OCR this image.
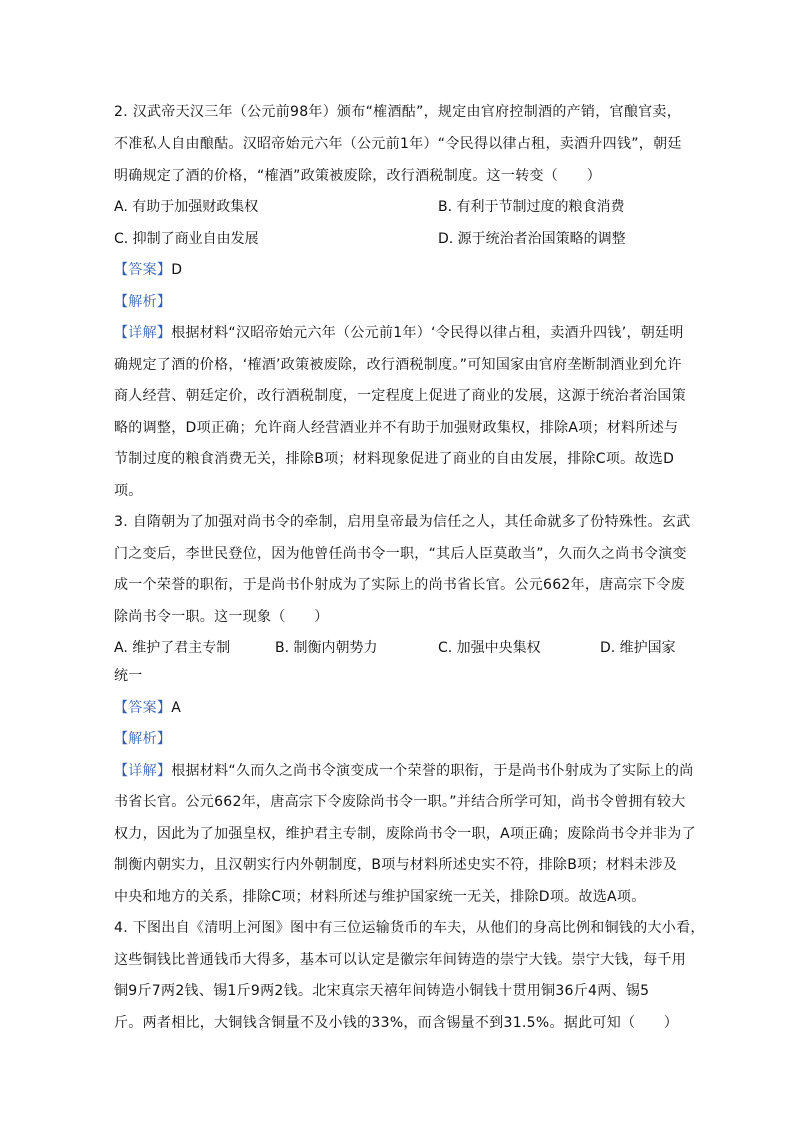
2. 汉武帝天汉三年（公元前98年）颁布“榷酒酤”，规定由官府控制酒的产销，官酿官卖，
不准私人自由酿酤。汉昭帝始元六年（公元前1年）“令民得以律占租，卖酒升四钱”，朝廷
明确规定了酒的价格，“榷酒”政策被废除，改行酒税制度。这一转变（　　）
A. 有助于加强财政集权	B. 有利于节制过度的粮食消费
C. 抑制了商业自由发展	D. 源于统治者治国策略的调整
【答案】D
【解析】
【详解】根据材料“汉昭帝始元六年（公元前1年）‘令民得以律占租，卖酒升四钱’，朝廷明
确规定了酒的价格，‘榷酒’政策被废除，改行酒税制度。”可知国家由官府垄断制酒业到允许
商人经营、朝廷定价，改行酒税制度，一定程度上促进了商业的发展，这源于统治者治国策
略的调整，D项正确；允许商人经营酒业并不有助于加强财政集权，排除A项；材料所述与
节制过度的粮食消费无关，排除B项；材料现象促进了商业的自由发展，排除C项。故选D
项。
3. 自隋朝为了加强对尚书令的牵制，启用皇帝最为信任之人，其任命就多了份特殊性。玄武
门之变后，李世民登位，因为他曾任尚书令一职，“其后人臣莫敢当”，久而久之尚书令演变
成一个荣誉的职衔，于是尚书仆射成为了实际上的尚书省长官。公元662年，唐高宗下令废
除尚书令一职。这一现象（　　）
A. 维护了君主专制	B. 制衡内朝势力	C. 加强中央集权	D. 维护国家
统一
【答案】A
【解析】
【详解】根据材料“久而久之尚书令演变成一个荣誉的职衔，于是尚书仆射成为了实际上的尚
书省长官。公元662年，唐高宗下令废除尚书令一职。”并结合所学可知，尚书令曾拥有较大
权力，因此为了加强皇权，维护君主专制，废除尚书令一职，A项正确；废除尚书令并非为了
制衡内朝实力，且汉朝实行内外朝制度，B项与材料所述史实不符，排除B项；材料未涉及
中央和地方的关系，排除C项；材料所述与维护国家统一无关，排除D项。故选A项。
4. 下图出自《清明上河图》图中有三位运输货币的车夫，从他们的身高比例和铜钱的大小看，
这些铜钱比普通钱币大得多，基本可以认定是徽宗年间铸造的崇宁大钱。崇宁大钱，每千用
铜9斤7两2钱、锡1斤9两2钱。北宋真宗天禧年间铸造小铜钱十贯用铜36斤4两、锡5
斤。两者相比，大铜钱含铜量不及小钱的33%，而含锡量不到31.5%。据此可知（　　）
